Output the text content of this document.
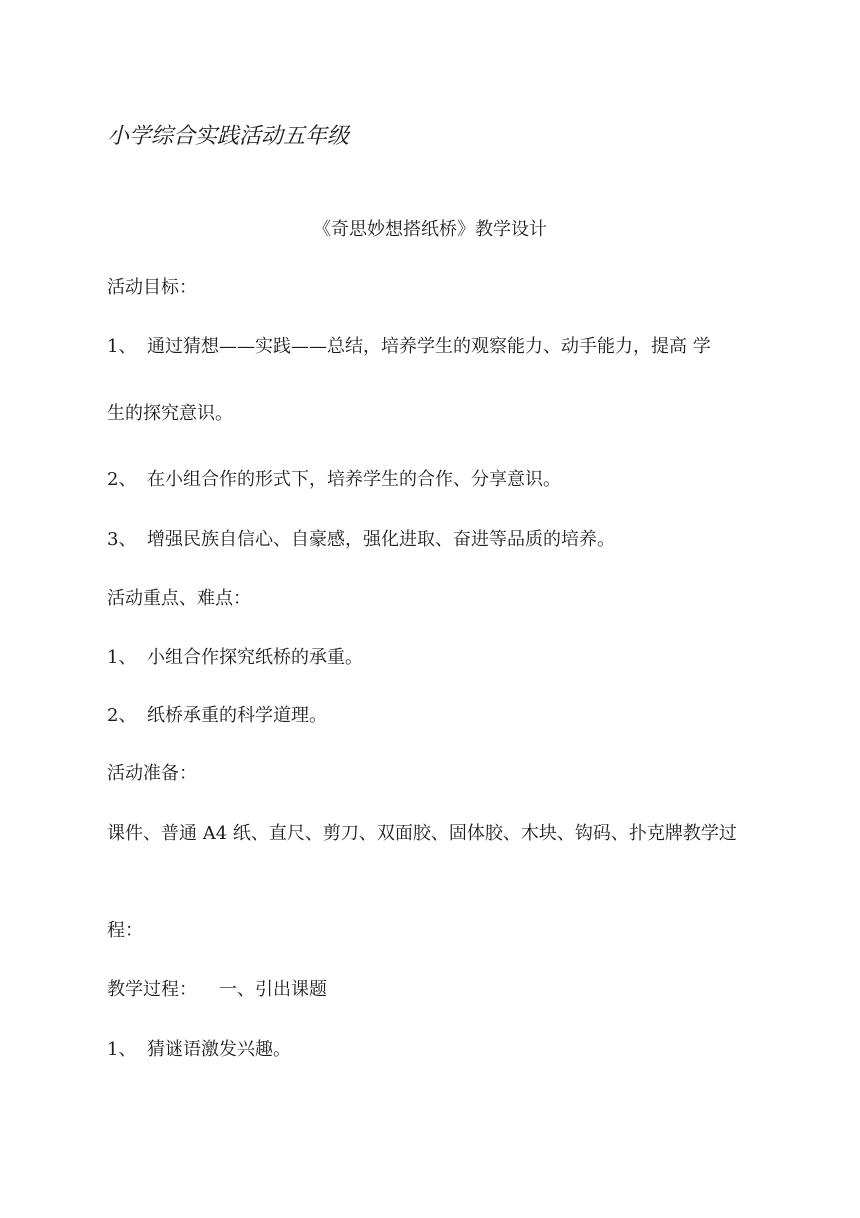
小学综合实践活动五年级
《奇思妙想搭纸桥》教学设计
活动目标：
1、 通过猜想——实践——总结，培养学生的观察能力、动手能力，提高 学
生的探究意识。
2、 在小组合作的形式下，培养学生的合作、分享意识。
3、 增强民族自信心、自豪感，强化进取、奋进等品质的培养。
活动重点、难点：
1、 小组合作探究纸桥的承重。
2、 纸桥承重的科学道理。
活动准备：
课件、普通 A4 纸、直尺、剪刀、双面胶、固体胶、木块、钩码、扑克牌教学过
程：
教学过程： 一、引出课题
1、 猜谜语激发兴趣。
